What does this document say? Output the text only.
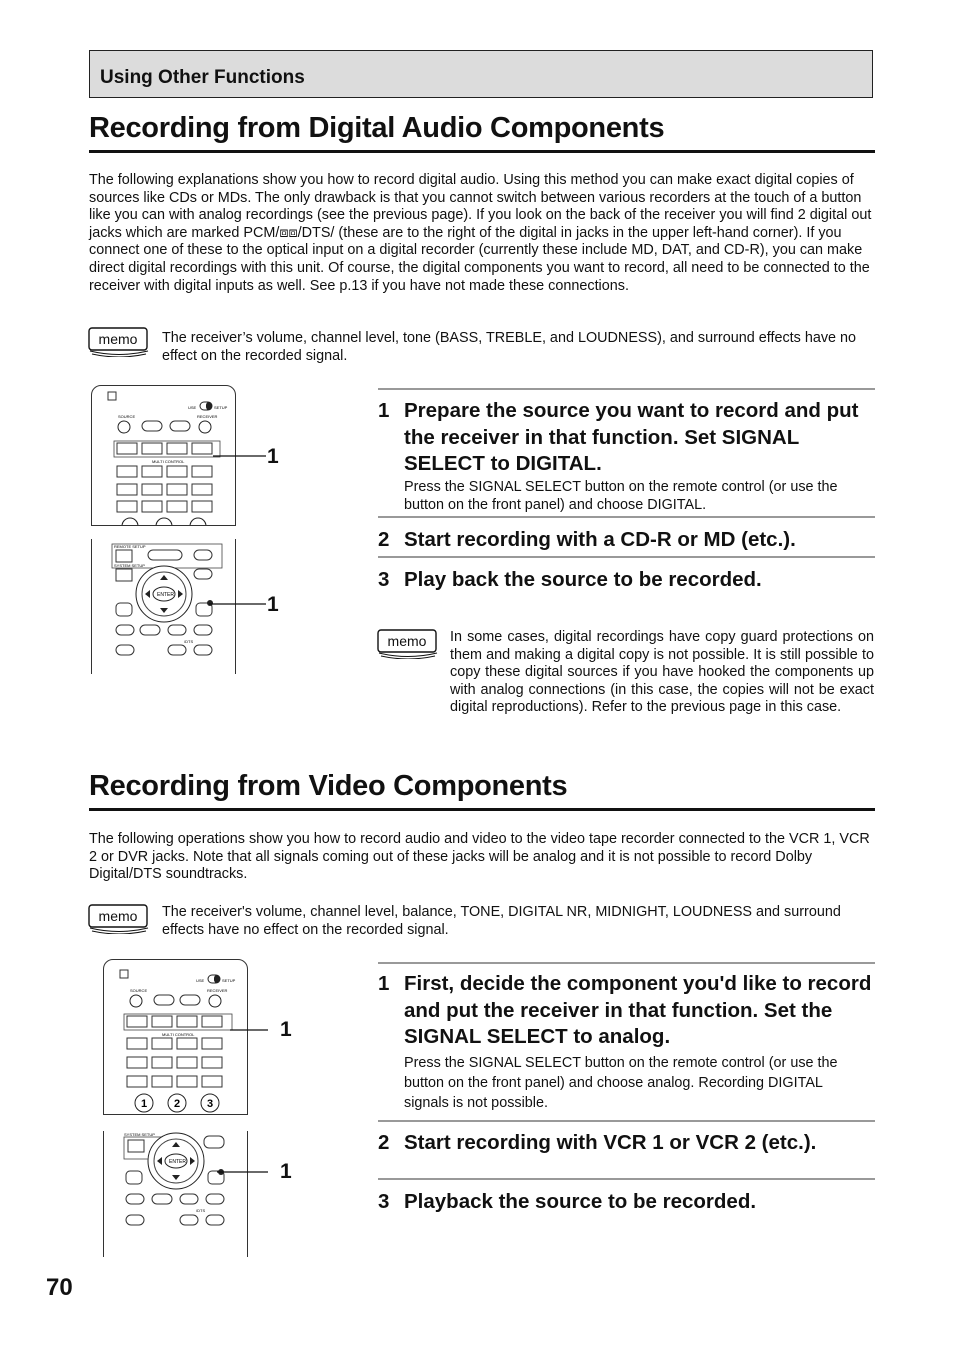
Using Other Functions
Recording from Digital Audio Components
The following explanations show you how to record digital audio. Using this method you can make exact digital copies of sources like CDs or MDs. The only drawback is that you cannot switch between various recorders at the touch of a button like you can with analog recordings (see the previous page). If you look on the back of the receiver you will find 2 digital out jacks which are marked PCM/⧈⧈/DTS/ (these are to the right of the digital in jacks in the upper left-hand corner). If you connect one of these to the optical input on a digital recorder (currently these include MD, DAT, and CD-R), you can make direct digital recordings with this unit. Of course, the digital components you want to record, all need to be connected to the receiver with digital inputs as well. See p.13 if you have not made these connections.
memo The receiver’s volume, channel level, tone (BASS, TREBLE, and LOUDNESS), and surround effects have no effect on the recorded signal.
USE	SETUP
SOURCE	RECEIVER
MULTI CONTROL
REMOTE SETUP
SYSTEM SETUP
ENTER
/DTS
1
1
1 Prepare the source you want to record and put the receiver in that function. Set SIGNAL SELECT to DIGITAL.
Press the SIGNAL SELECT button on the remote control (or use the button on the front panel) and choose DIGITAL.
2 Start recording with a CD-R or MD (etc.).
3 Play back the source to be recorded.
memo In some cases, digital recordings have copy guard protections on them and making a digital copy is not possible. It is still possible to copy these digital sources if you have hooked the components up with analog connections (in this case, the copies will not be exact digital reproductions). Refer to the previous page in this case.
Recording from Video Components
The following operations show you how to record audio and video to the video tape recorder connected to the VCR 1, VCR 2 or DVR jacks. Note that all signals coming out of these jacks will be analog and it is not possible to record Dolby Digital/DTS soundtracks.
memo The receiver's volume, channel level, balance, TONE, DIGITAL NR, MIDNIGHT, LOUDNESS and surround effects have no effect on the recorded signal.
USE	SETUP
SOURCE	RECEIVER
MULTI CONTROL
1 2 3
SYSTEM SETUP
ENTER
/DTS
1
1
1 First, decide the component you'd like to record and put the receiver in that function. Set the SIGNAL SELECT to analog.
Press the SIGNAL SELECT button on the remote control (or use the button on the front panel) and choose analog. Recording DIGITAL signals is not possible.
2 Start recording with VCR 1 or VCR 2 (etc.).
3 Playback the source to be recorded.
70
